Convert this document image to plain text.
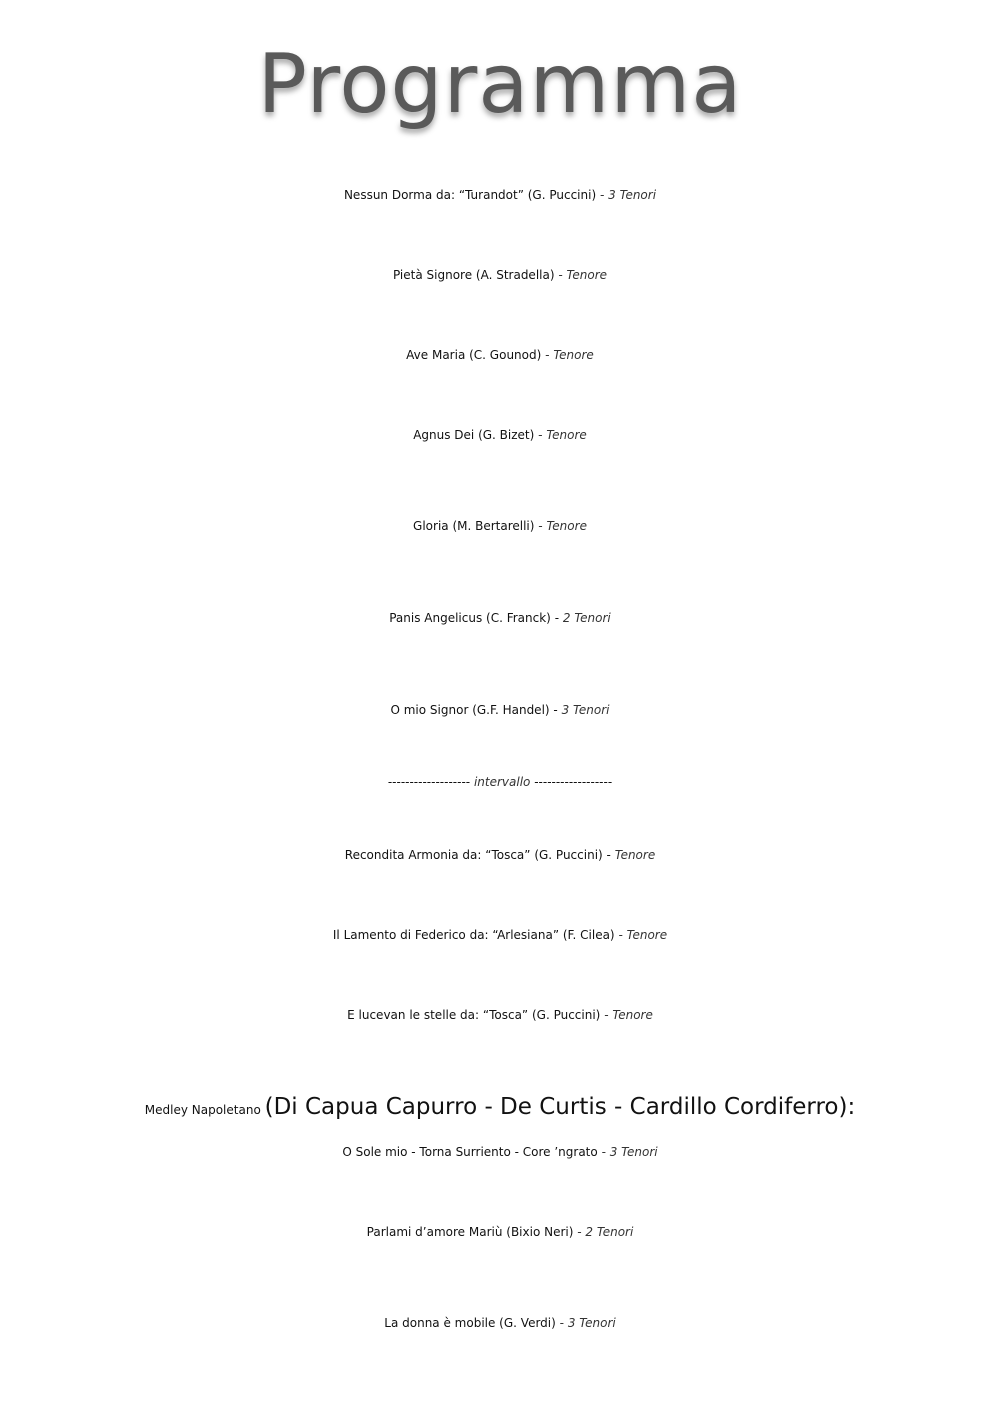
Programma
Nessun Dorma da: “Turandot” (G. Puccini) - 3 Tenori
Pietà Signore (A. Stradella) - Tenore
Ave Maria (C. Gounod) - Tenore
Agnus Dei (G. Bizet) - Tenore
Gloria (M. Bertarelli) - Tenore
Panis Angelicus (C. Franck) - 2 Tenori
O mio Signor (G.F. Handel) - 3 Tenori
------------------- intervallo ------------------
Recondita Armonia da: “Tosca” (G. Puccini) - Tenore
Il Lamento di Federico da: “Arlesiana” (F. Cilea) - Tenore
E lucevan le stelle da: “Tosca” (G. Puccini) - Tenore
Medley Napoletano (Di Capua Capurro - De Curtis - Cardillo Cordiferro):
O Sole mio - Torna Surriento - Core ’ngrato - 3 Tenori
Parlami d’amore Mariù (Bixio Neri) - 2 Tenori
La donna è mobile (G. Verdi) - 3 Tenori
